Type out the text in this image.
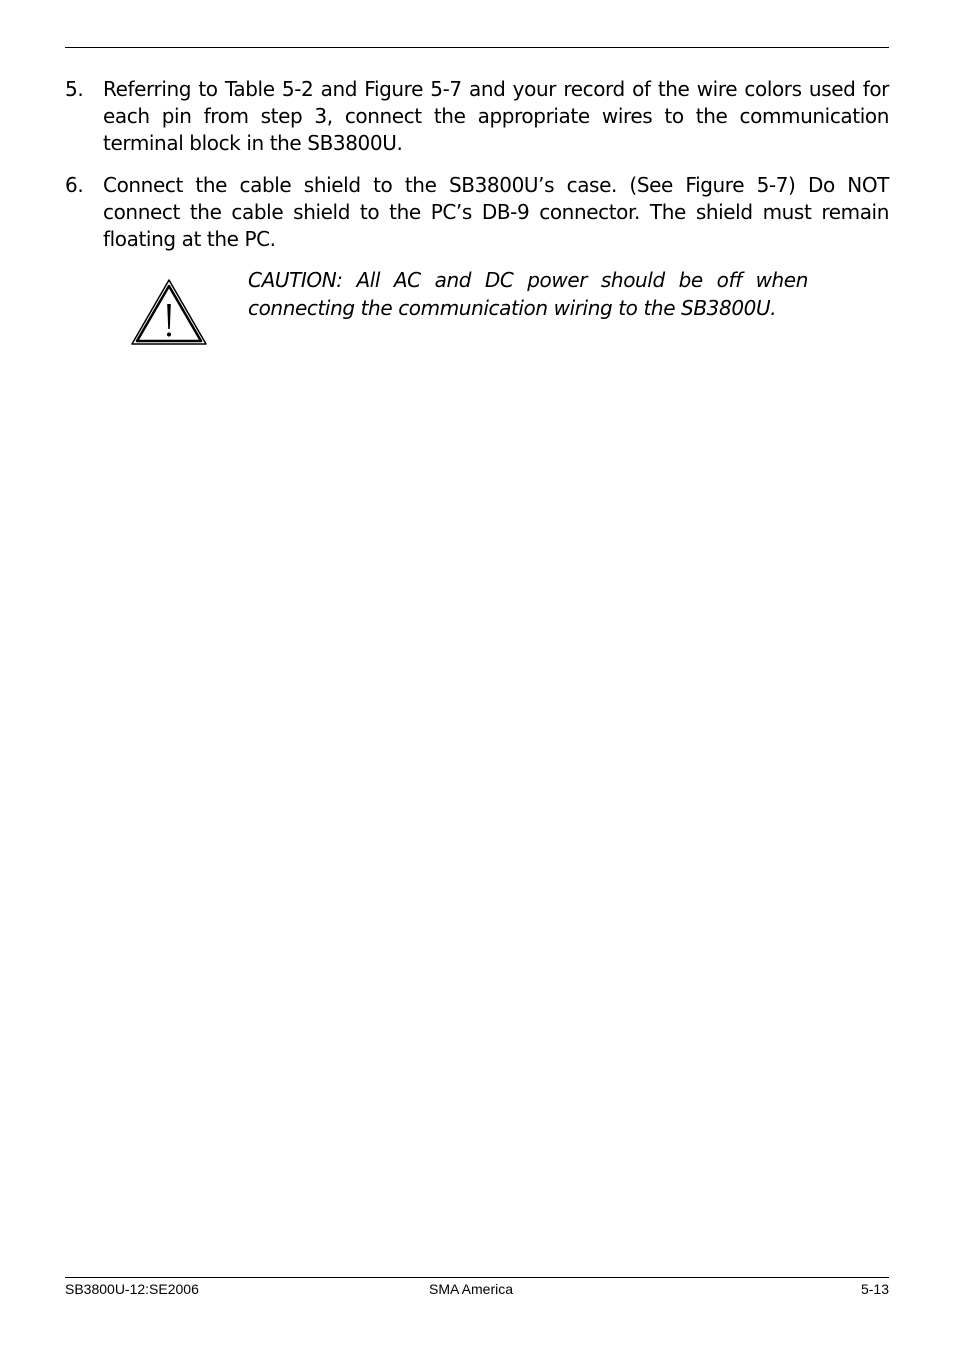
5. Referring to Table 5-2 and Figure 5-7 and your record of the wire colors used for each pin from step 3, connect the appropriate wires to the communication terminal block in the SB3800U.
6. Connect the cable shield to the SB3800U’s case. (See Figure 5-7) Do NOT connect the cable shield to the PC’s DB-9 connector. The shield must remain floating at the PC.
CAUTION: All AC and DC power should be off when connecting the communication wiring to the SB3800U.
SB3800U-12:SE2006	SMA America	5-13
